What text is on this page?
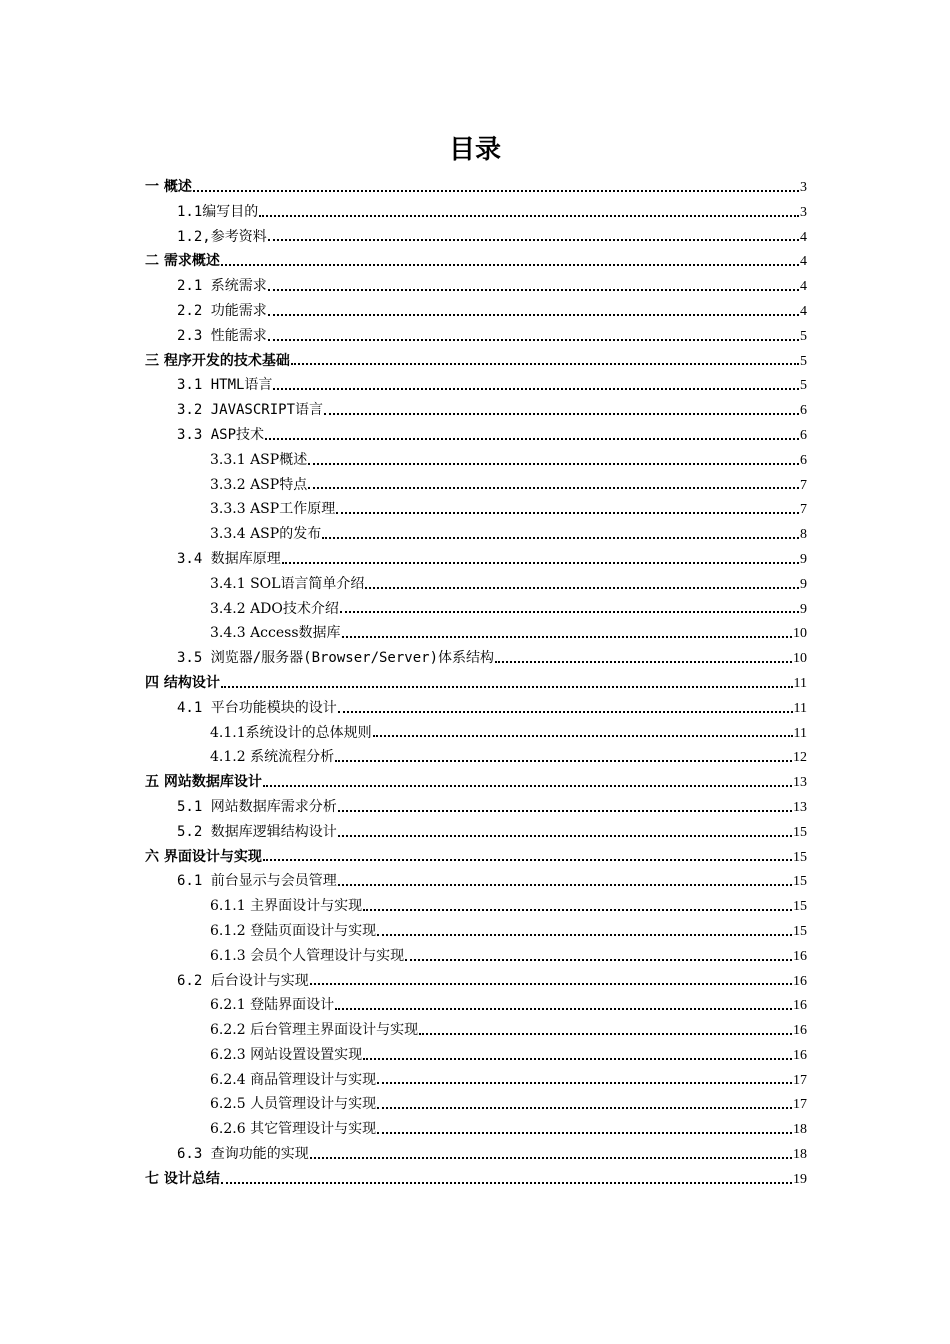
目录
一 概述	3
1.1编写目的	3
1.2,参考资料	4
二 需求概述	4
2.1 系统需求	4
2.2 功能需求	4
2.3 性能需求	5
三 程序开发的技术基础	5
3.1 HTML语言	5
3.2 JAVASCRIPT语言	6
3.3 ASP技术	6
3.3.1 ASP概述	6
3.3.2 ASP特点	7
3.3.3 ASP工作原理	7
3.3.4 ASP的发布	8
3.4 数据库原理	9
3.4.1 SOL语言简单介绍	9
3.4.2 ADO技术介绍	9
3.4.3 Access数据库	10
3.5 浏览器/服务器(Browser/Server)体系结构	10
四 结构设计	11
4.1 平台功能模块的设计	11
4.1.1系统设计的总体规则	11
4.1.2 系统流程分析	12
五 网站数据库设计	13
5.1 网站数据库需求分析	13
5.2 数据库逻辑结构设计	15
六 界面设计与实现	15
6.1 前台显示与会员管理	15
6.1.1 主界面设计与实现	15
6.1.2 登陆页面设计与实现	15
6.1.3 会员个人管理设计与实现	16
6.2 后台设计与实现	16
6.2.1 登陆界面设计	16
6.2.2 后台管理主界面设计与实现	16
6.2.3 网站设置设置实现	16
6.2.4 商品管理设计与实现	17
6.2.5 人员管理设计与实现	17
6.2.6 其它管理设计与实现	18
6.3 查询功能的实现	18
七 设计总结	19
